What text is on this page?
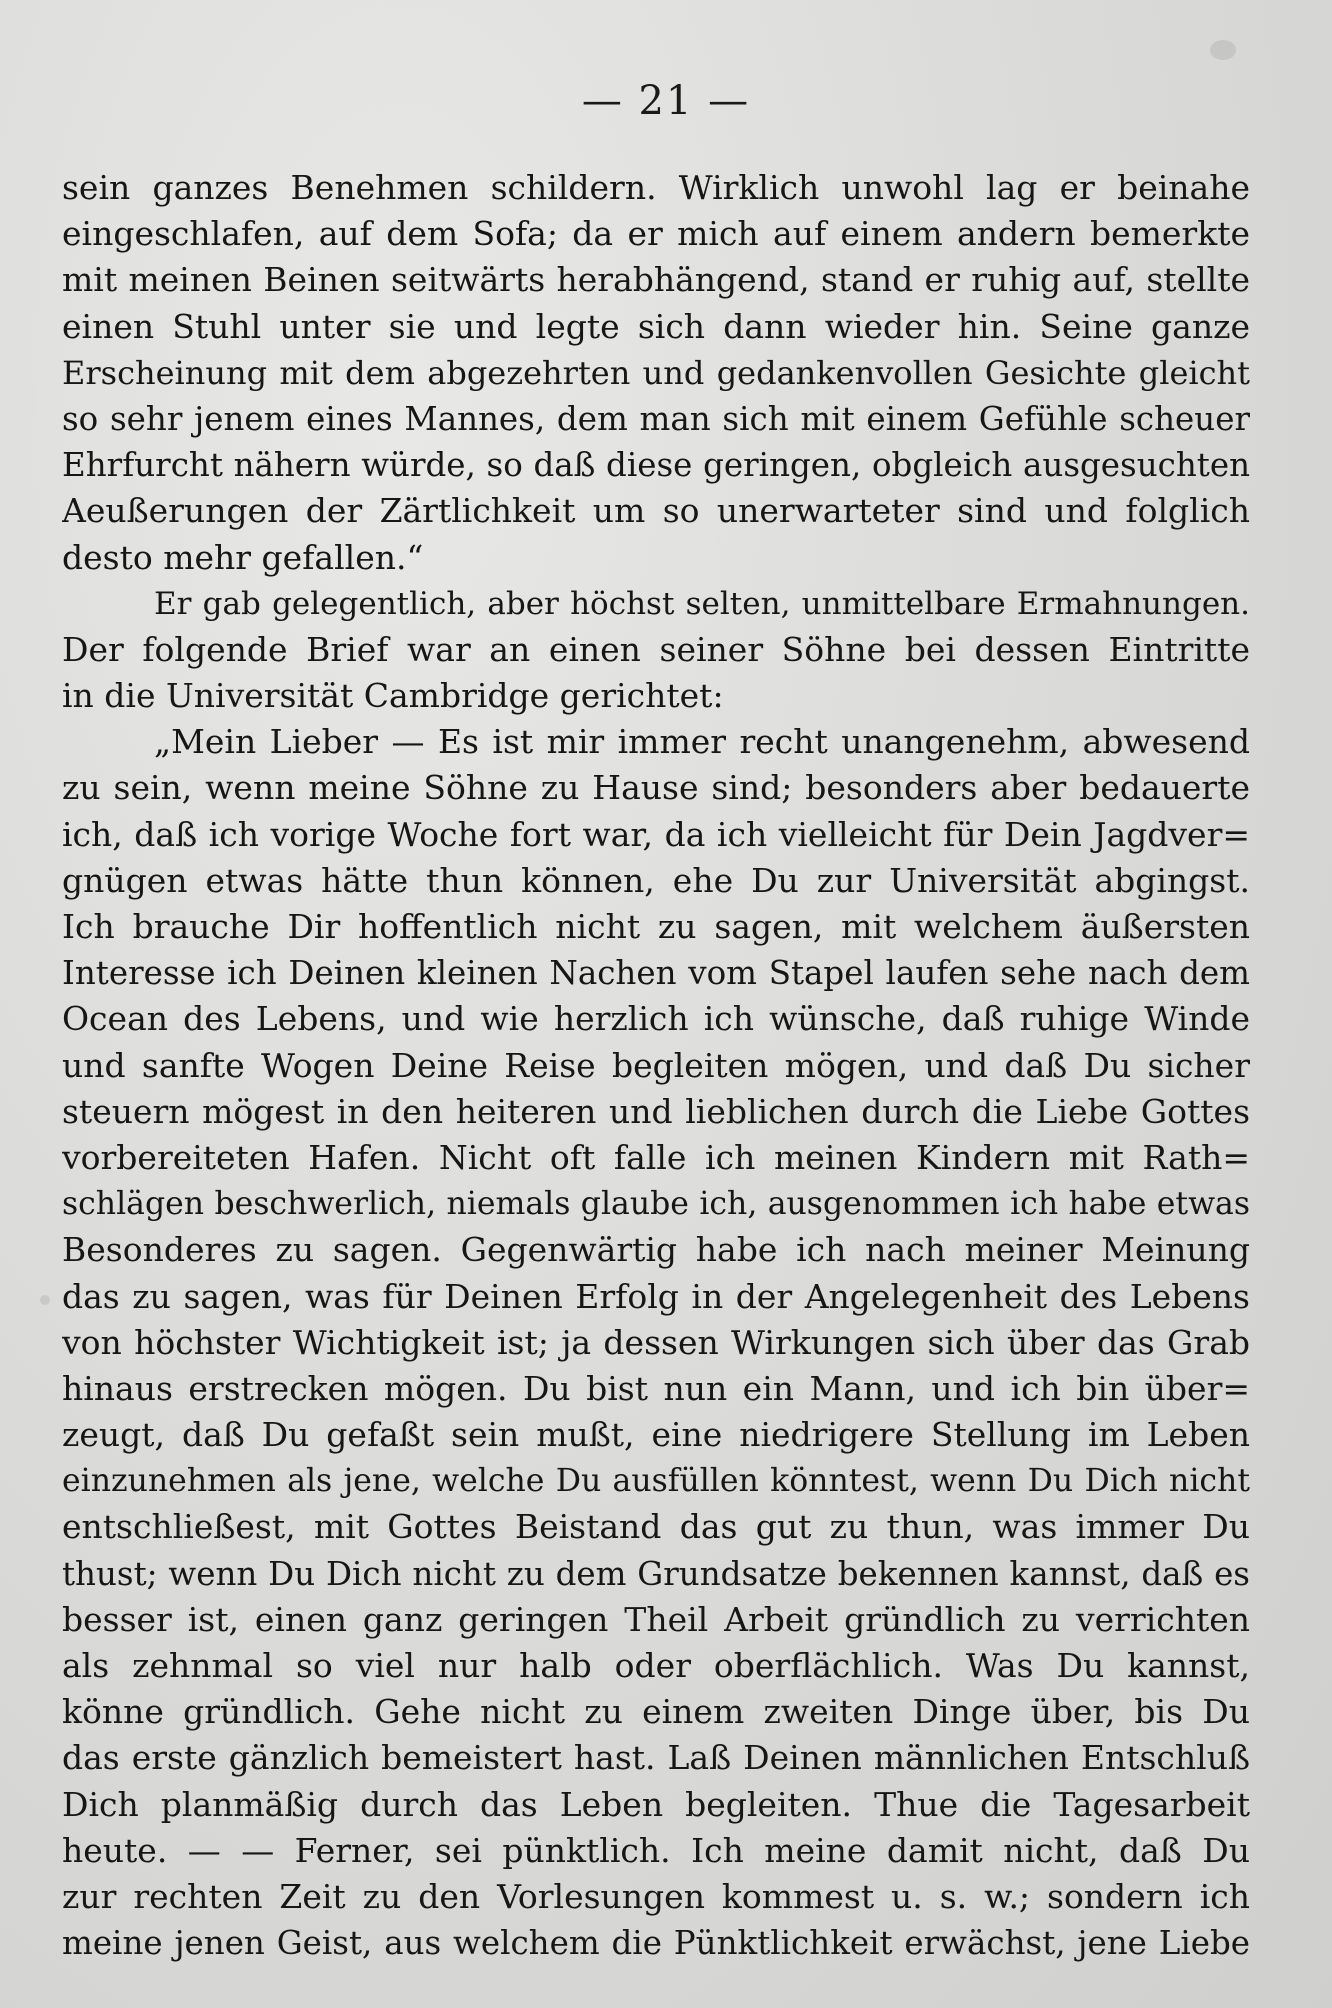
— 21 —
sein ganzes Benehmen schildern. Wirklich unwohl lag er beinahe
eingeschlafen, auf dem Sofa; da er mich auf einem andern bemerkte
mit meinen Beinen seitwärts herabhängend, stand er ruhig auf, stellte
einen Stuhl unter sie und legte sich dann wieder hin. Seine ganze
Erscheinung mit dem abgezehrten und gedankenvollen Gesichte gleicht
so sehr jenem eines Mannes, dem man sich mit einem Gefühle scheuer
Ehrfurcht nähern würde, so daß diese geringen, obgleich ausgesuchten
Aeußerungen der Zärtlichkeit um so unerwarteter sind und folglich
desto mehr gefallen.“
Er gab gelegentlich, aber höchst selten, unmittelbare Ermahnungen.
Der folgende Brief war an einen seiner Söhne bei dessen Eintritte
in die Universität Cambridge gerichtet:
„Mein Lieber — Es ist mir immer recht unangenehm, abwesend
zu sein, wenn meine Söhne zu Hause sind; besonders aber bedauerte
ich, daß ich vorige Woche fort war, da ich vielleicht für Dein Jagdver=
gnügen etwas hätte thun können, ehe Du zur Universität abgingst.
Ich brauche Dir hoffentlich nicht zu sagen, mit welchem äußersten
Interesse ich Deinen kleinen Nachen vom Stapel laufen sehe nach dem
Ocean des Lebens, und wie herzlich ich wünsche, daß ruhige Winde
und sanfte Wogen Deine Reise begleiten mögen, und daß Du sicher
steuern mögest in den heiteren und lieblichen durch die Liebe Gottes
vorbereiteten Hafen. Nicht oft falle ich meinen Kindern mit Rath=
schlägen beschwerlich, niemals glaube ich, ausgenommen ich habe etwas
Besonderes zu sagen. Gegenwärtig habe ich nach meiner Meinung
das zu sagen, was für Deinen Erfolg in der Angelegenheit des Lebens
von höchster Wichtigkeit ist; ja dessen Wirkungen sich über das Grab
hinaus erstrecken mögen. Du bist nun ein Mann, und ich bin über=
zeugt, daß Du gefaßt sein mußt, eine niedrigere Stellung im Leben
einzunehmen als jene, welche Du ausfüllen könntest, wenn Du Dich nicht
entschließest, mit Gottes Beistand das gut zu thun, was immer Du
thust; wenn Du Dich nicht zu dem Grundsatze bekennen kannst, daß es
besser ist, einen ganz geringen Theil Arbeit gründlich zu verrichten
als zehnmal so viel nur halb oder oberflächlich. Was Du kannst,
könne gründlich. Gehe nicht zu einem zweiten Dinge über, bis Du
das erste gänzlich bemeistert hast. Laß Deinen männlichen Entschluß
Dich planmäßig durch das Leben begleiten. Thue die Tagesarbeit
heute. — — Ferner, sei pünktlich. Ich meine damit nicht, daß Du
zur rechten Zeit zu den Vorlesungen kommest u. s. w.; sondern ich
meine jenen Geist, aus welchem die Pünktlichkeit erwächst, jene Liebe
